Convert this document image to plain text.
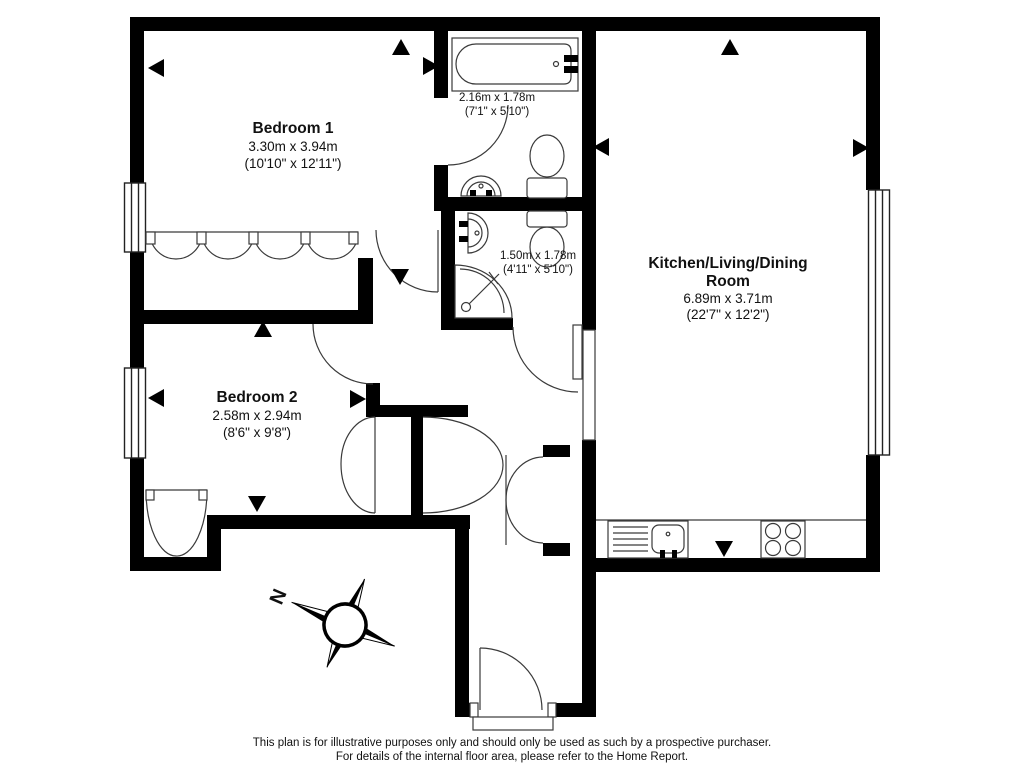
N
Bedroom 1
3.30m x 3.94m
(10'10" x 12'11")
2.16m x 1.78m
(7'1" x 5'10")
1.50m x 1.78m
(4'11" x 5'10")	Kitchen/Living/Dining
Room
6.89m x 3.71m
(22'7" x 12'2")
Bedroom 2
2.58m x 2.94m
(8'6" x 9'8")
This plan is for illustrative purposes only and should only be used as such by a prospective purchaser.
For details of the internal floor area, please refer to the Home Report.
